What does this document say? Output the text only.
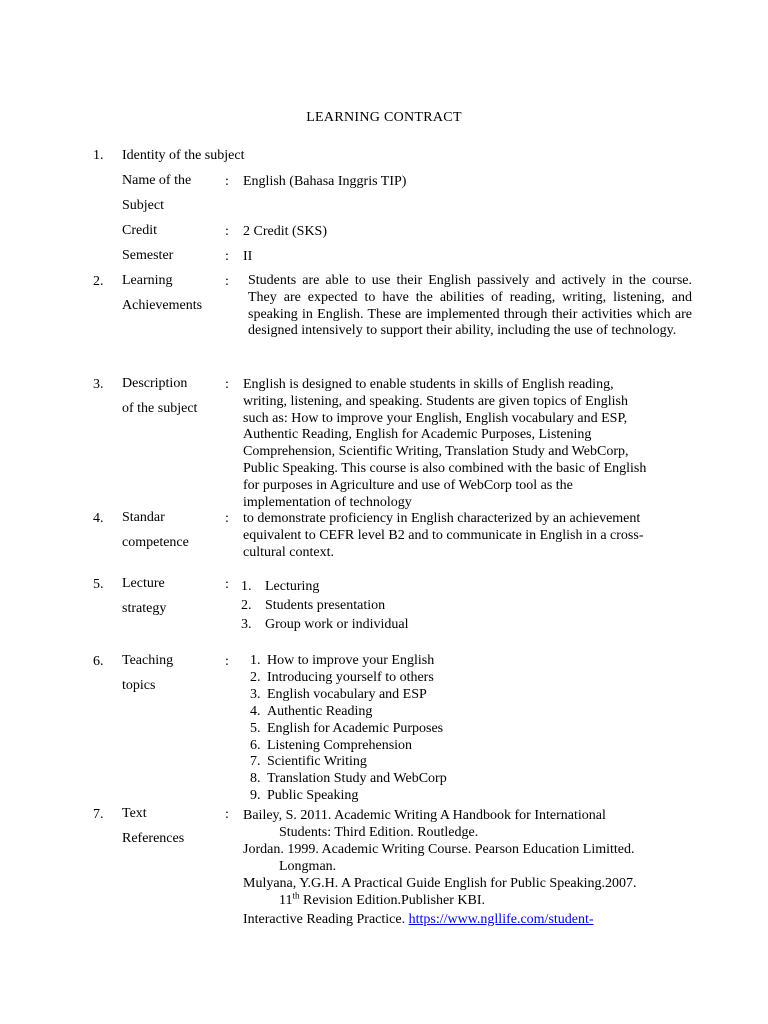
LEARNING CONTRACT
1. Identity of the subject
Name of the
Subject
: English (Bahasa Inggris TIP)
Credit	: 2 Credit (SKS)
Semester	: II
2. Learning
Achievements
: Students are able to use their English passively and actively in the course. They are expected to have the abilities of reading, writing, listening, and speaking in English. These are implemented through their activities which are designed intensively to support their ability, including the use of technology.
3. Description
of the subject
: English is designed to enable students in skills of English reading,
writing, listening, and speaking. Students are given topics of English
such as: How to improve your English, English vocabulary and ESP,
Authentic Reading, English for Academic Purposes, Listening
Comprehension, Scientific Writing, Translation Study and WebCorp,
Public Speaking. This course is also combined with the basic of English
for purposes in Agriculture and use of WebCorp tool as the
implementation of technology
4. Standar
competence
: to demonstrate proficiency in English characterized by an achievement
equivalent to CEFR level B2 and to communicate in English in a cross-
cultural context.
5. Lecture
strategy
: 1. Lecturing
2. Students presentation
3. Group work or individual
6. Teaching
topics
: 1. How to improve your English
2. Introducing yourself to others
3. English vocabulary and ESP
4. Authentic Reading
5. English for Academic Purposes
6. Listening Comprehension
7. Scientific Writing
8. Translation Study and WebCorp
9. Public Speaking
7. Text
References
: Bailey, S. 2011. Academic Writing A Handbook for International
Students: Third Edition. Routledge.
Jordan. 1999. Academic Writing Course. Pearson Education Limitted.
Longman.
Mulyana, Y.G.H. A Practical Guide English for Public Speaking.2007.
11th Revision Edition.Publisher KBI.
Interactive Reading Practice. https://www.ngllife.com/student-
